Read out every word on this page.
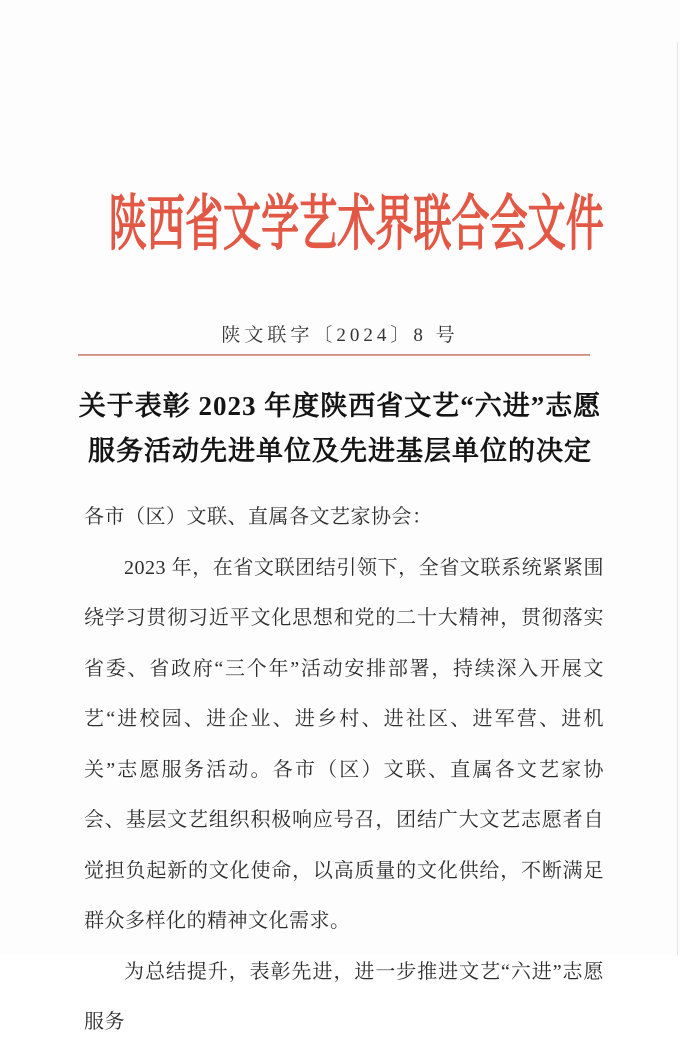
陕西省文学艺术界联合会文件
陕文联字〔2024〕8 号
关于表彰 2023 年度陕西省文艺“六进”志愿
服务活动先进单位及先进基层单位的决定

各市（区）文联、直属各文艺家协会：

2023 年，在省文联团结引领下，全省文联系统紧紧围绕学习贯彻习近平文化思想和党的二十大精神，贯彻落实省委、省政府“三个年”活动安排部署，持续深入开展文艺“进校园、进企业、进乡村、进社区、进军营、进机关”志愿服务活动。各市（区）文联、直属各文艺家协会、基层文艺组织积极响应号召，团结广大文艺志愿者自觉担负起新的文化使命，以高质量的文化供给，不断满足群众多样化的精神文化需求。

为总结提升，表彰先进，进一步推进文艺“六进”志愿服务
